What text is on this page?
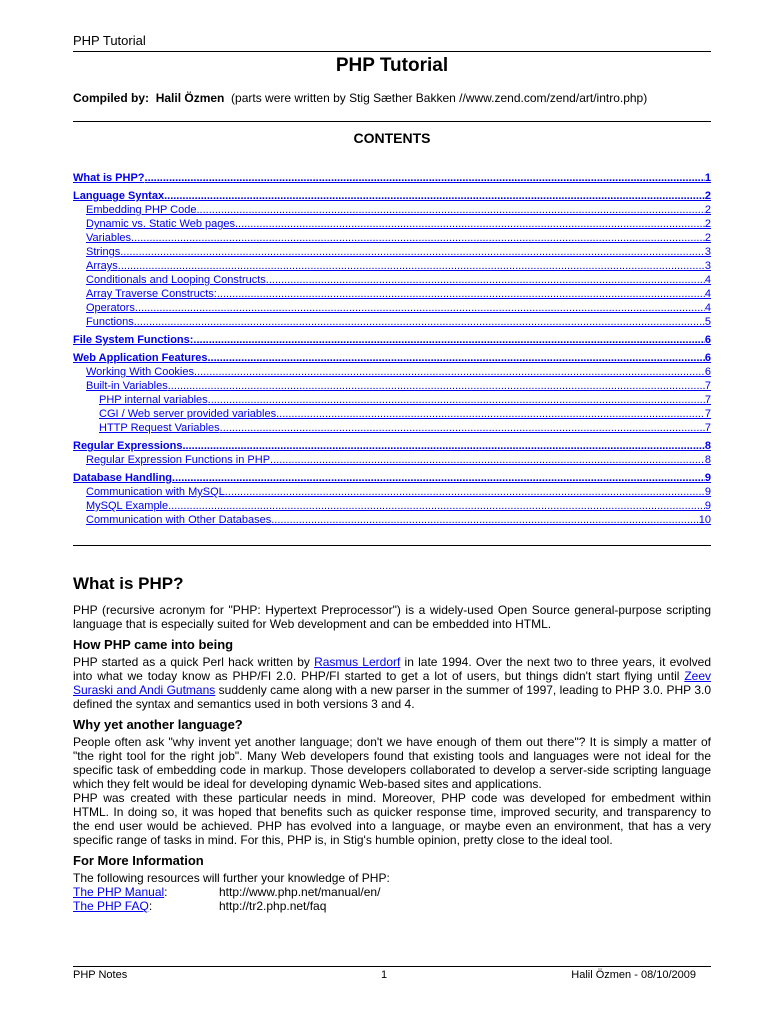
PHP Tutorial
PHP Tutorial
Compiled by: Halil Özmen (parts were written by Stig Sæther Bakken //www.zend.com/zend/art/intro.php)
CONTENTS
What is PHP? .....	1
Language Syntax .....	2
Embedding PHP Code .....	2
Dynamic vs. Static Web pages .....	2
Variables .....	2
Strings .....	3
Arrays .....	3
Conditionals and Looping Constructs .....	4
Array Traverse Constructs: .....	4
Operators .....	4
Functions .....	5
File System Functions: .....	6
Web Application Features .....	6
Working With Cookies .....	6
Built-in Variables .....	7
PHP internal variables .....	7
CGI / Web server provided variables .....	7
HTTP Request Variables .....	7
Regular Expressions .....	8
Regular Expression Functions in PHP .....	8
Database Handling .....	9
Communication with MySQL .....	9
MySQL Example .....	9
Communication with Other Databases .....	10
What is PHP?

PHP (recursive acronym for "PHP: Hypertext Preprocessor") is a widely-used Open Source general-purpose scripting language that is especially suited for Web development and can be embedded into HTML.

How PHP came into being

PHP started as a quick Perl hack written by Rasmus Lerdorf in late 1994. Over the next two to three years, it evolved into what we today know as PHP/FI 2.0. PHP/FI started to get a lot of users, but things didn't start flying until Zeev Suraski and Andi Gutmans suddenly came along with a new parser in the summer of 1997, leading to PHP 3.0. PHP 3.0 defined the syntax and semantics used in both versions 3 and 4.

Why yet another language?

People often ask "why invent yet another language; don't we have enough of them out there"? It is simply a matter of "the right tool for the right job". Many Web developers found that existing tools and languages were not ideal for the specific task of embedding code in markup. Those developers collaborated to develop a server-side scripting language which they felt would be ideal for developing dynamic Web-based sites and applications.

PHP was created with these particular needs in mind. Moreover, PHP code was developed for embedment within HTML. In doing so, it was hoped that benefits such as quicker response time, improved security, and transparency to the end user would be achieved. PHP has evolved into a language, or maybe even an environment, that has a very specific range of tasks in mind. For this, PHP is, in Stig's humble opinion, pretty close to the ideal tool.

For More Information

The following resources will further your knowledge of PHP:

The PHP Manual:	http://www.php.net/manual/en/
The PHP FAQ:	http://tr2.php.net/faq
PHP Notes	1	Halil Özmen - 08/10/2009
